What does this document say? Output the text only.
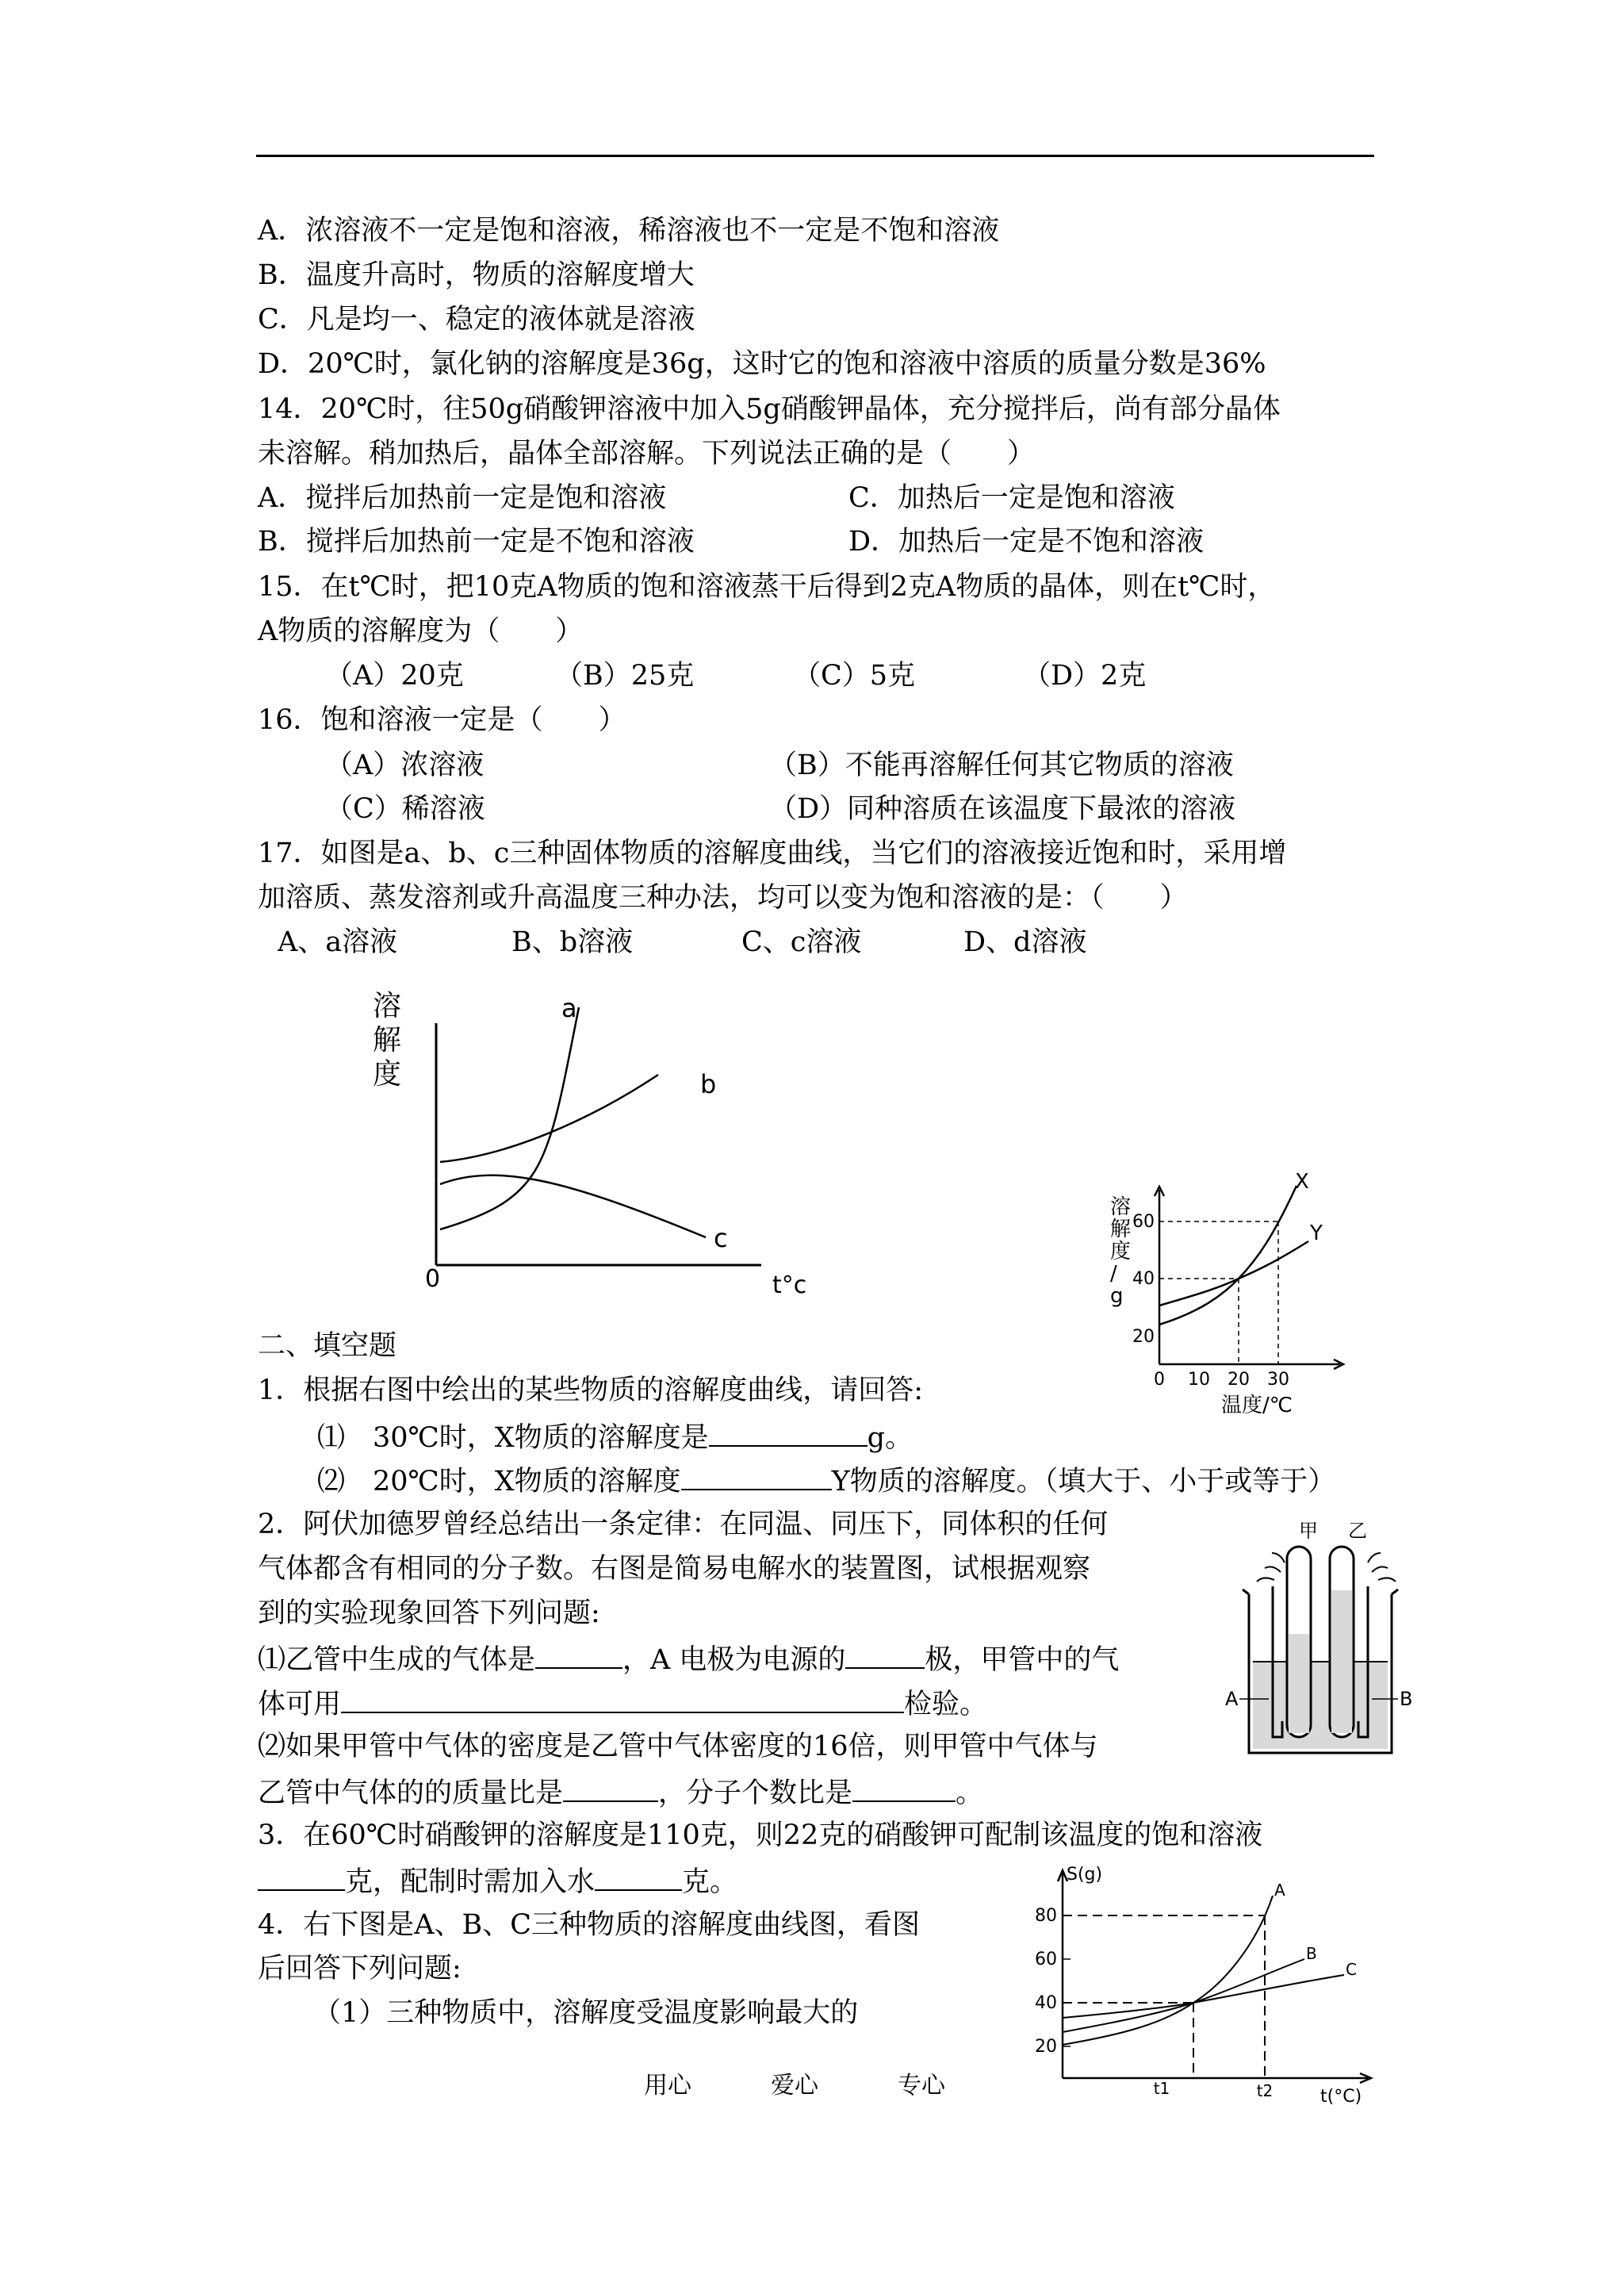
A．浓溶液不一定是饱和溶液，稀溶液也不一定是不饱和溶液
B．温度升高时，物质的溶解度增大
C．凡是均一、稳定的液体就是溶液
D．20℃时，氯化钠的溶解度是36g，这时它的饱和溶液中溶质的质量分数是36%
14．20℃时，往50g硝酸钾溶液中加入5g硝酸钾晶体，充分搅拌后，尚有部分晶体
未溶解。稍加热后，晶体全部溶解。下列说法正确的是（　　）
A．搅拌后加热前一定是饱和溶液	C．加热后一定是饱和溶液
B．搅拌后加热前一定是不饱和溶液	D．加热后一定是不饱和溶液
15．在t℃时，把10克A物质的饱和溶液蒸干后得到2克A物质的晶体，则在t℃时，
A物质的溶解度为（　　）
（A）20克	（B）25克	（C）5克	（D）2克
16．饱和溶液一定是（　　）
（A）浓溶液	（B）不能再溶解任何其它物质的溶液
（C）稀溶液	（D）同种溶质在该温度下最浓的溶液
17．如图是a、b、c三种固体物质的溶解度曲线，当它们的溶液接近饱和时，采用增
加溶质、蒸发溶剂或升高温度三种办法，均可以变为饱和溶液的是：（　　）
A、a溶液	B、b溶液	C、c溶液	D、d溶液
溶
解
度
0	t°c
a
b
c
X
Y
60
40
20
0 10 20 30
溶
解
度
/
g
温度/℃
二、填空题
1．根据右图中绘出的某些物质的溶解度曲线，请回答:
⑴　30℃时，X物质的溶解度是	g。
⑵　20℃时，X物质的溶解度	Y物质的溶解度。（填大于、小于或等于）
2．阿伏加德罗曾经总结出一条定律：在同温、同压下，同体积的任何
气体都含有相同的分子数。右图是简易电解水的装置图，试根据观察
到的实验现象回答下列问题:
⑴乙管中生成的气体是	，A 电极为电源的	极，甲管中的气
体可用	检验。
⑵如果甲管中气体的密度是乙管中气体密度的16倍，则甲管中气体与
乙管中气体的的质量比是	，分子个数比是	。
甲 乙
A	B
3．在60℃时硝酸钾的溶解度是110克，则22克的硝酸钾可配制该温度的饱和溶液
克，配制时需加入水	克。
4．右下图是A、B、C三种物质的溶解度曲线图，看图
后回答下列问题:
（1）三种物质中，溶解度受温度影响最大的
A
B
C
S(g)
80
60
40
20
t1	t2	t(°C)
用心	爱心	专心
